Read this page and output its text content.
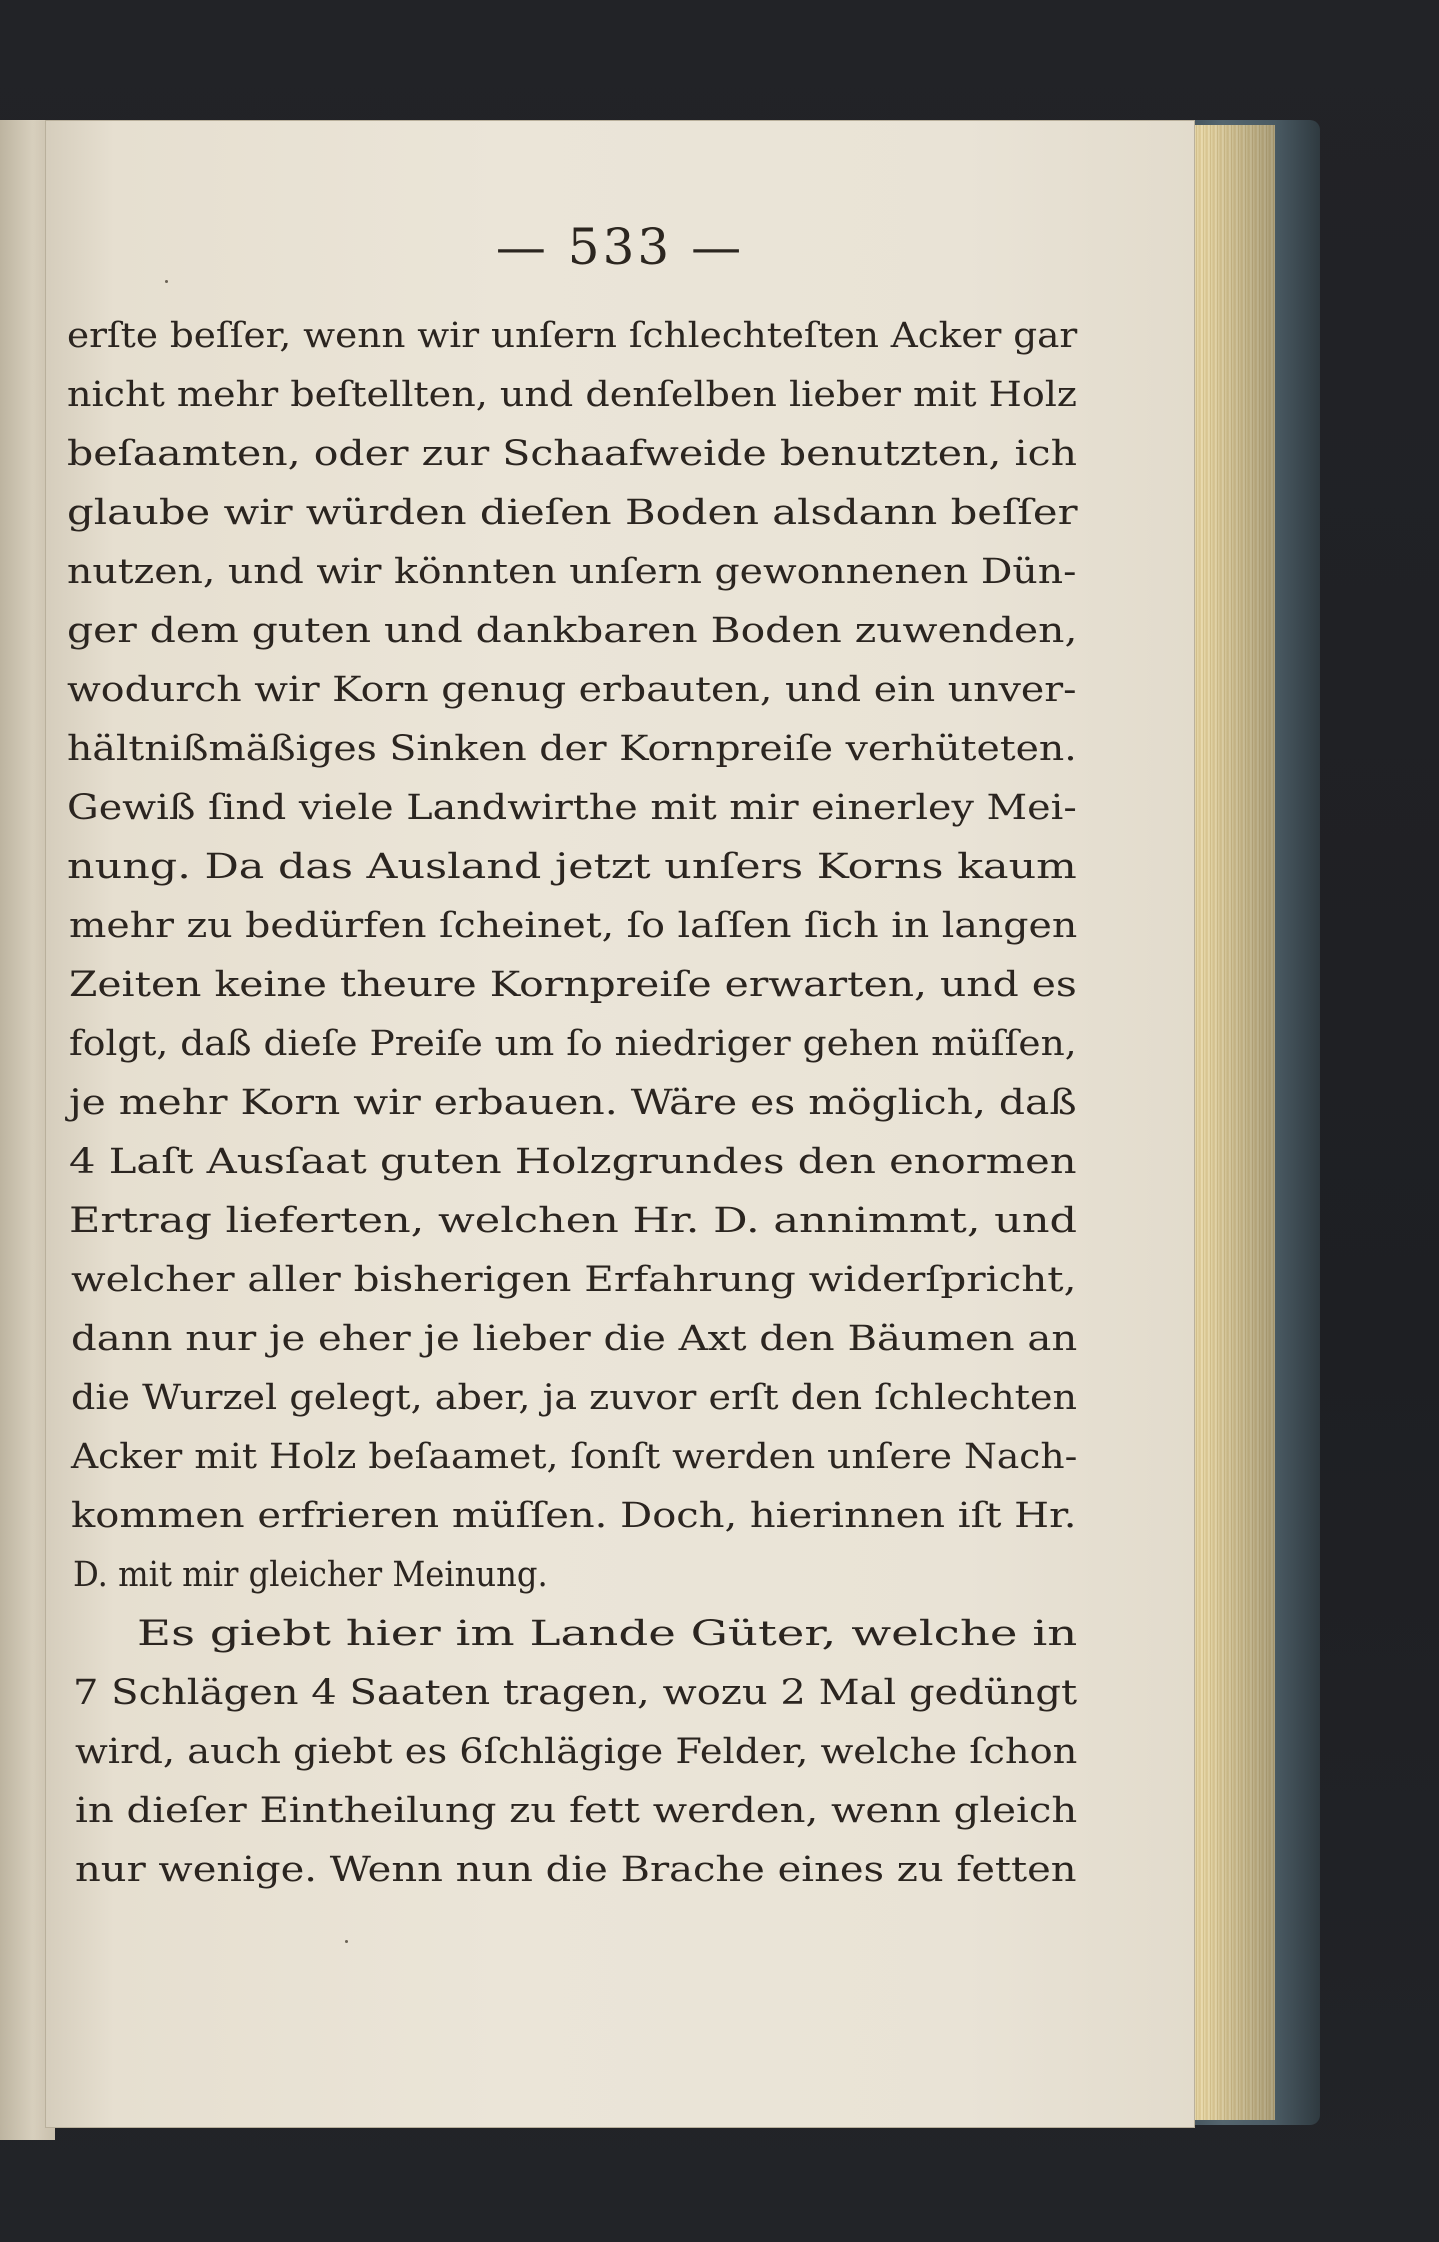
— 533 —
erſte beſſer, wenn wir unſern ſchlechteſten Acker gar
nicht mehr beſtellten, und denſelben lieber mit Holz
beſaamten, oder zur Schaafweide benutzten, ich
glaube wir würden dieſen Boden alsdann beſſer
nutzen, und wir könnten unſern gewonnenen Dün-
ger dem guten und dankbaren Boden zuwenden,
wodurch wir Korn genug erbauten, und ein unver-
hältnißmäßiges Sinken der Kornpreiſe verhüteten.
Gewiß ſind viele Landwirthe mit mir einerley Mei-
nung. Da das Ausland jetzt unſers Korns kaum
mehr zu bedürfen ſcheinet, ſo laſſen ſich in langen
Zeiten keine theure Kornpreiſe erwarten, und es
folgt, daß dieſe Preiſe um ſo niedriger gehen müſſen,
je mehr Korn wir erbauen. Wäre es möglich, daß
4 Laſt Ausſaat guten Holzgrundes den enormen
Ertrag lieferten, welchen Hr. D. annimmt, und
welcher aller bisherigen Erfahrung widerſpricht,
dann nur je eher je lieber die Axt den Bäumen an
die Wurzel gelegt, aber, ja zuvor erſt den ſchlechten
Acker mit Holz beſaamet, ſonſt werden unſere Nach-
kommen erfrieren müſſen. Doch, hierinnen iſt Hr.
D. mit mir gleicher Meinung.
Es giebt hier im Lande Güter, welche in
7 Schlägen 4 Saaten tragen, wozu 2 Mal gedüngt
wird, auch giebt es 6ſchlägige Felder, welche ſchon
in dieſer Eintheilung zu fett werden, wenn gleich
nur wenige. Wenn nun die Brache eines zu fetten
